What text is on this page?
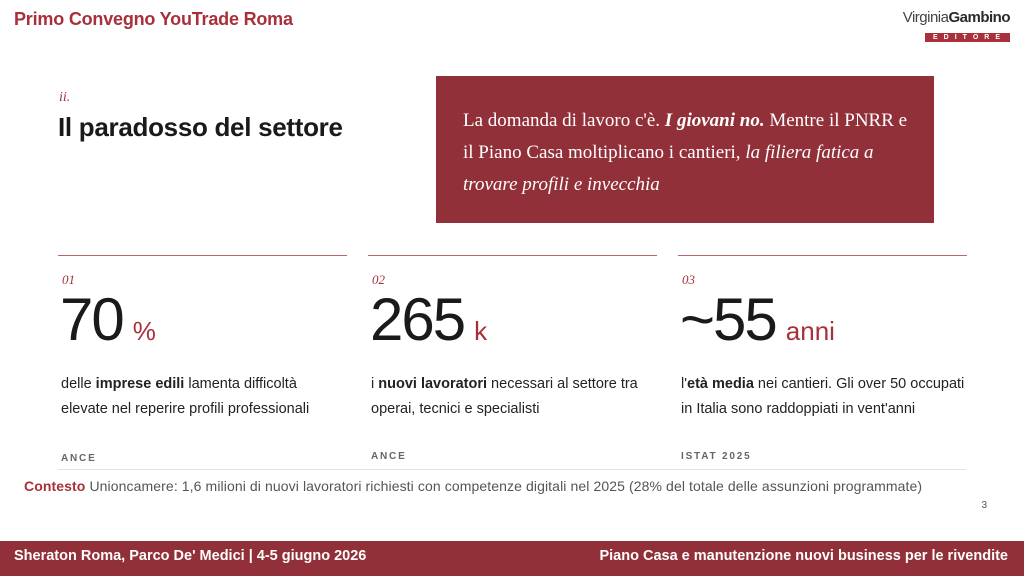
Primo Convegno YouTrade Roma	VirginiaGambino
EDITORE
ii.
Il paradosso del settore	La domanda di lavoro c'è. I giovani no. Mentre il PNRR e il Piano Casa moltiplicano i cantieri, la filiera fatica a trovare profili e invecchia

01
70 %

delle imprese edili lamenta difficoltà elevate nel reperire profili professionali

ANCE
02
265 k

i nuovi lavoratori necessari al settore tra operai, tecnici e specialisti

ANCE
03
~55 anni

l'età media nei cantieri. Gli over 50 occupati in Italia sono raddoppiati in vent'anni

ISTAT 2025
Contesto Unioncamere: 1,6 milioni di nuovi lavoratori richiesti con competenze digitali nel 2025 (28% del totale delle assunzioni programmate)
3
Sheraton Roma, Parco De' Medici | 4-5 giugno 2026	Piano Casa e manutenzione nuovi business per le rivendite
